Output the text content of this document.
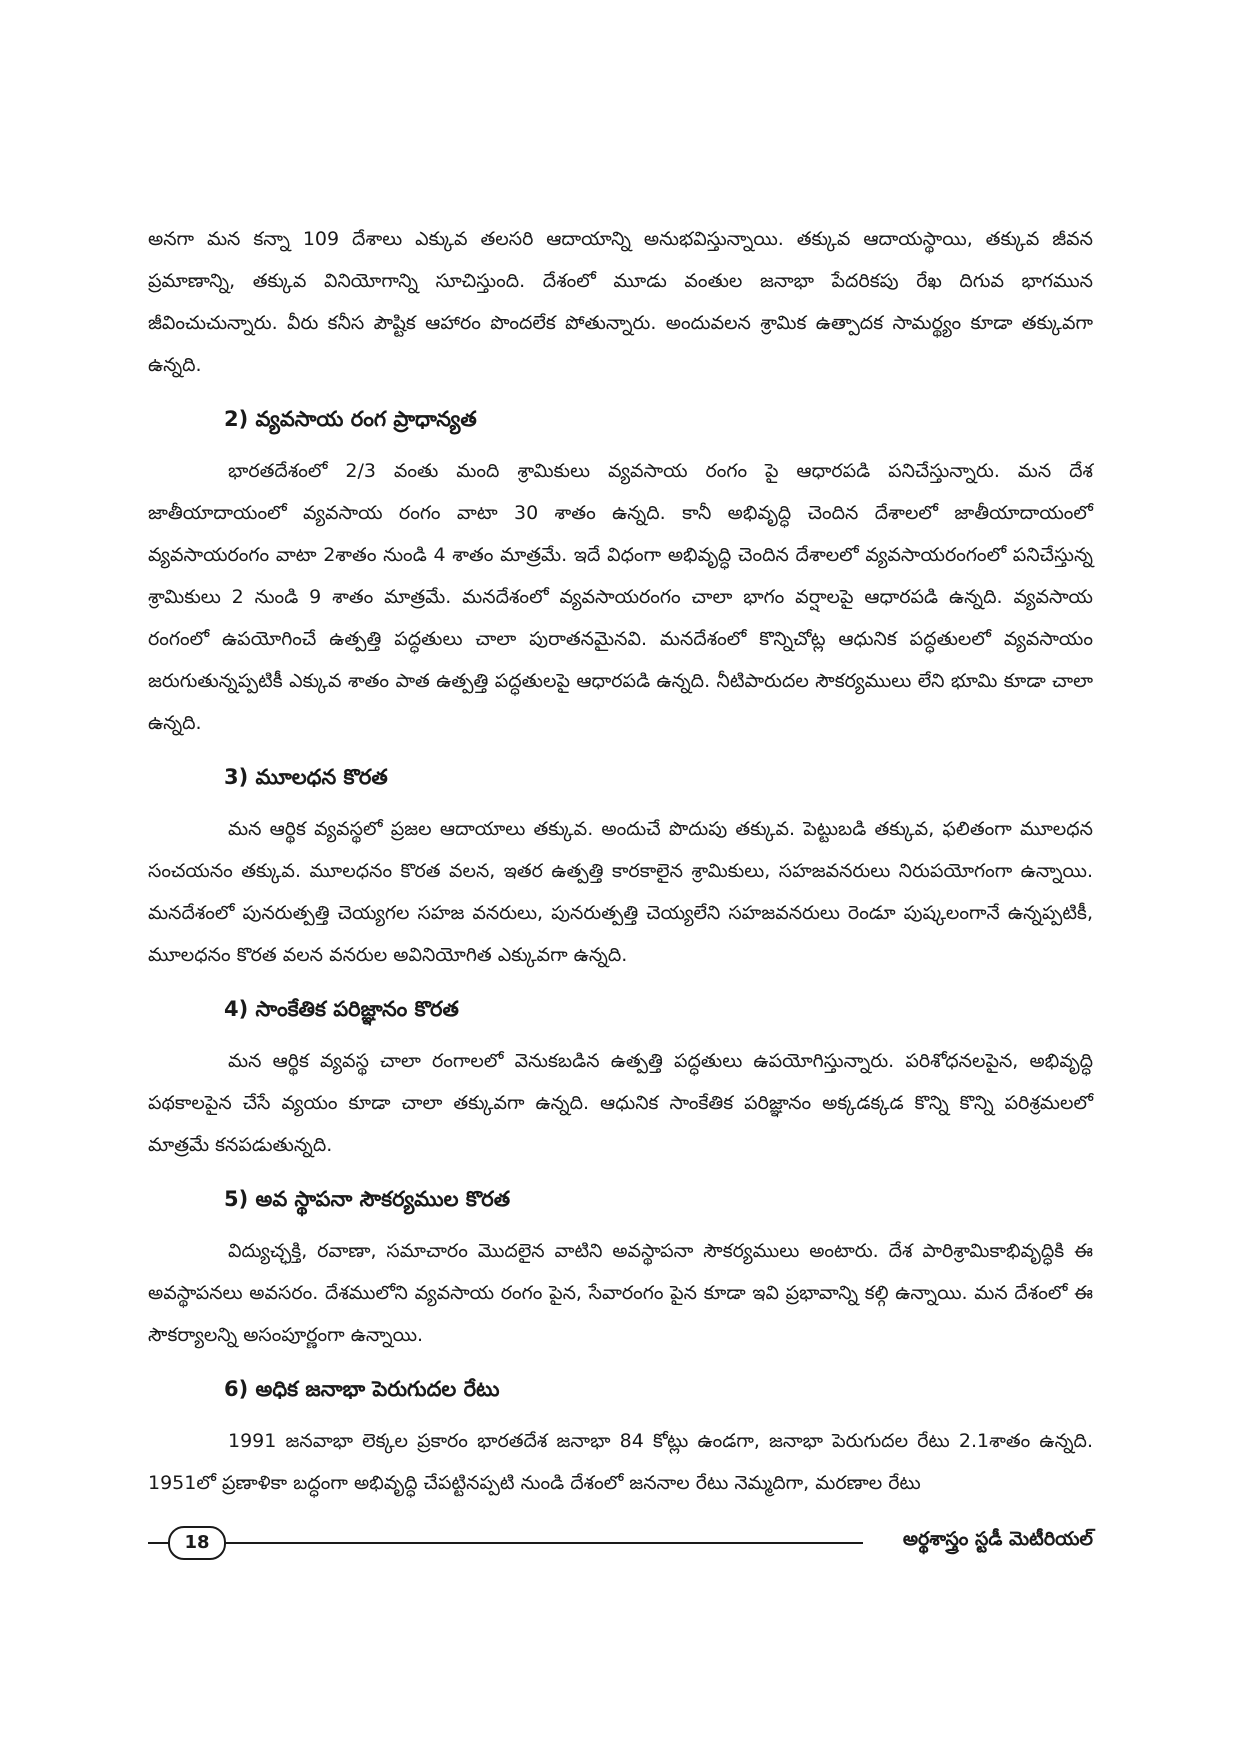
అనగా మన కన్నా 109 దేశాలు ఎక్కువ తలసరి ఆదాయాన్ని అనుభవిస్తున్నాయి. తక్కువ ఆదాయస్థాయి, తక్కువ జీవన ప్రమాణాన్ని, తక్కువ వినియోగాన్ని సూచిస్తుంది. దేశంలో మూడు వంతుల జనాభా పేదరికపు రేఖ దిగువ భాగమున జీవించుచున్నారు. వీరు కనీస పౌష్టిక ఆహారం పొందలేక పోతున్నారు. అందువలన శ్రామిక ఉత్పాదక సామర్థ్యం కూడా తక్కువగా ఉన్నది.

2) వ్యవసాయ రంగ ప్రాధాన్యత

భారతదేశంలో 2/3 వంతు మంది శ్రామికులు వ్యవసాయ రంగం పై ఆధారపడి పనిచేస్తున్నారు. మన దేశ జాతీయాదాయంలో వ్యవసాయ రంగం వాటా 30 శాతం ఉన్నది. కానీ అభివృద్ధి చెందిన దేశాలలో జాతీయాదాయంలో వ్యవసాయరంగం వాటా 2శాతం నుండి 4 శాతం మాత్రమే. ఇదే విధంగా అభివృద్ధి చెందిన దేశాలలో వ్యవసాయరంగంలో పనిచేస్తున్న శ్రామికులు 2 నుండి 9 శాతం మాత్రమే. మనదేశంలో వ్యవసాయరంగం చాలా భాగం వర్షాలపై ఆధారపడి ఉన్నది. వ్యవసాయ రంగంలో ఉపయోగించే ఉత్పత్తి పద్ధతులు చాలా పురాతనమైనవి. మనదేశంలో కొన్నిచోట్ల ఆధునిక పద్ధతులలో వ్యవసాయం జరుగుతున్నప్పటికీ ఎక్కువ శాతం పాత ఉత్పత్తి పద్ధతులపై ఆధారపడి ఉన్నది. నీటిపారుదల సౌకర్యములు లేని భూమి కూడా చాలా ఉన్నది.

3) మూలధన కొరత

మన ఆర్థిక వ్యవస్థలో ప్రజల ఆదాయాలు తక్కువ. అందుచే పొదుపు తక్కువ. పెట్టుబడి తక్కువ, ఫలితంగా మూలధన సంచయనం తక్కువ. మూలధనం కొరత వలన, ఇతర ఉత్పత్తి కారకాలైన శ్రామికులు, సహజవనరులు నిరుపయోగంగా ఉన్నాయి. మనదేశంలో పునరుత్పత్తి చెయ్యగల సహజ వనరులు, పునరుత్పత్తి చెయ్యలేని సహజవనరులు రెండూ పుష్కలంగానే ఉన్నప్పటికీ, మూలధనం కొరత వలన వనరుల అవినియోగిత ఎక్కువగా ఉన్నది.

4) సాంకేతిక పరిజ్ఞానం కొరత

మన ఆర్థిక వ్యవస్థ చాలా రంగాలలో వెనుకబడిన ఉత్పత్తి పద్ధతులు ఉపయోగిస్తున్నారు. పరిశోధనలపైన, అభివృద్ధి పథకాలపైన చేసే వ్యయం కూడా చాలా తక్కువగా ఉన్నది. ఆధునిక సాంకేతిక పరిజ్ఞానం అక్కడక్కడ కొన్ని కొన్ని పరిశ్రమలలో మాత్రమే కనపడుతున్నది.

5) అవ స్థాపనా సౌకర్యముల కొరత

విద్యుచ్ఛక్తి, రవాణా, సమాచారం మొదలైన వాటిని అవస్థాపనా సౌకర్యములు అంటారు. దేశ పారిశ్రామికాభివృద్ధికి ఈ అవస్థాపనలు అవసరం. దేశములోని వ్యవసాయ రంగం పైన, సేవారంగం పైన కూడా ఇవి ప్రభావాన్ని కల్గి ఉన్నాయి. మన దేశంలో ఈ సౌకర్యాలన్ని అసంపూర్ణంగా ఉన్నాయి.

6) అధిక జనాభా పెరుగుదల రేటు

1991 జనవాభా లెక్కల ప్రకారం భారతదేశ జనాభా 84 కోట్లు ఉండగా, జనాభా పెరుగుదల రేటు 2.1శాతం ఉన్నది. 1951లో ప్రణాళికా బద్ధంగా అభివృద్ధి చేపట్టినప్పటి నుండి దేశంలో జననాల రేటు నెమ్మదిగా, మరణాల రేటు

18	అర్థశాస్త్రం స్టడీ మెటీరియల్
